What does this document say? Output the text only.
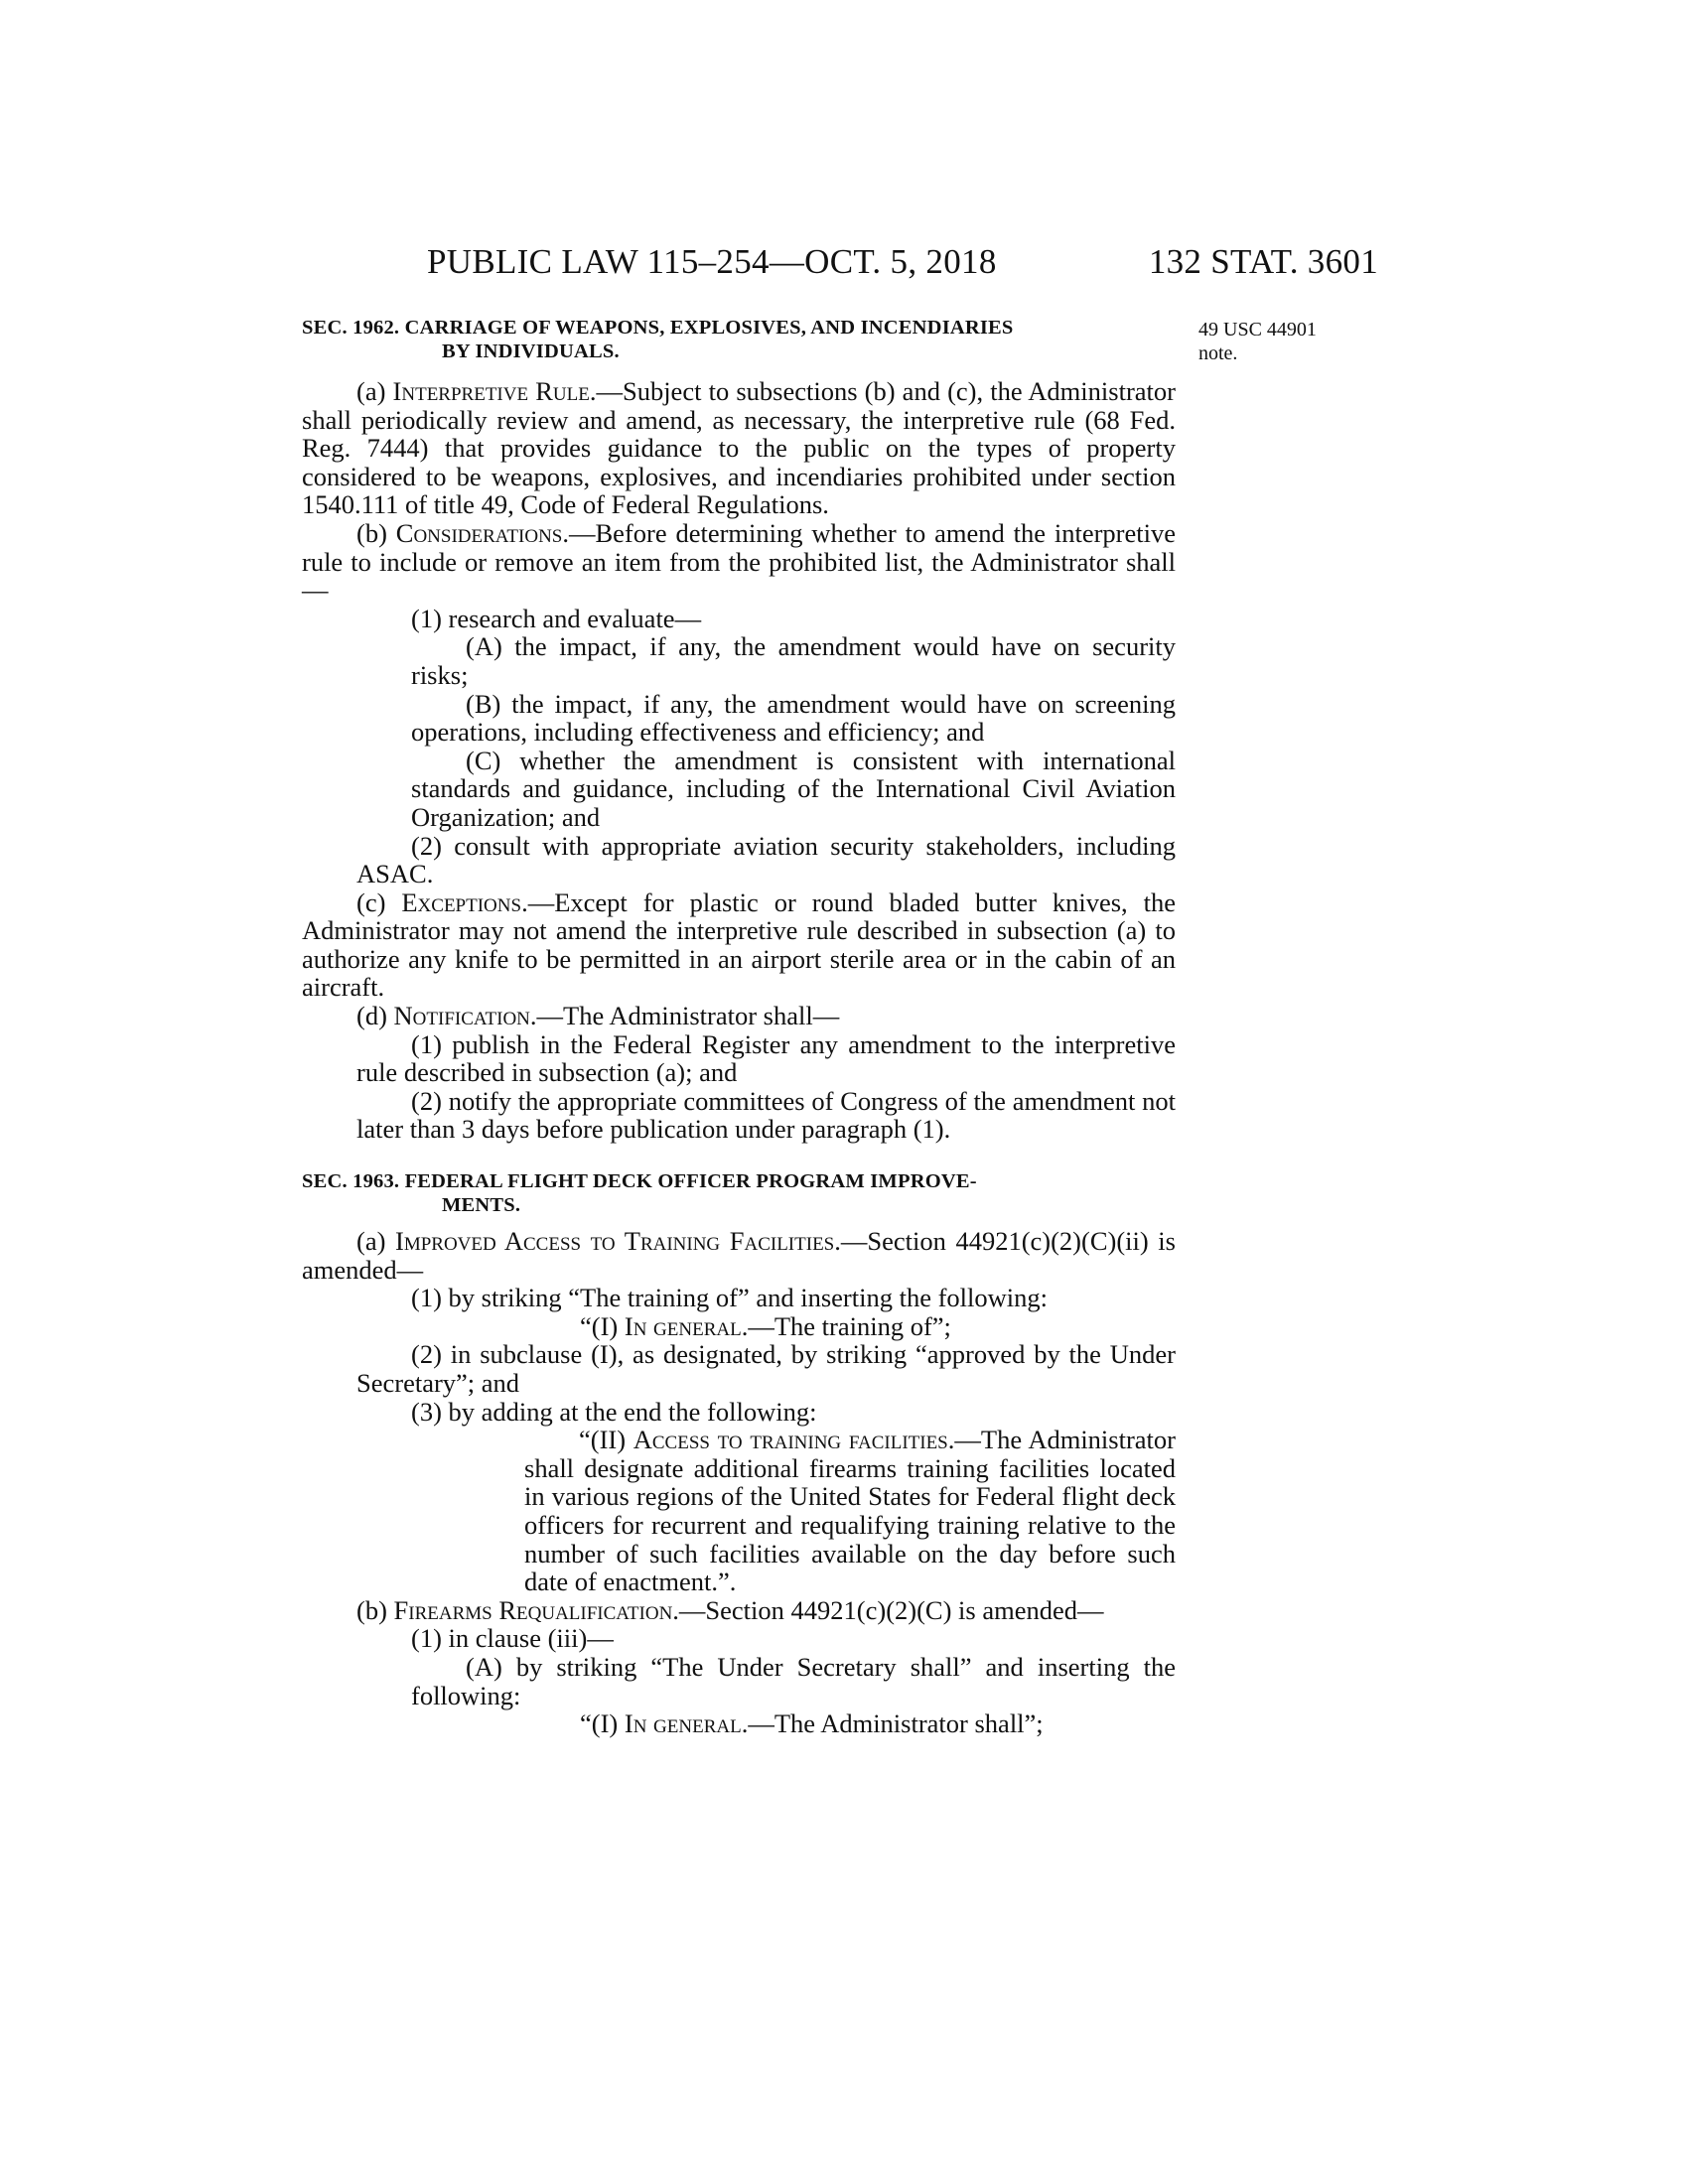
PUBLIC LAW 115–254—OCT. 5, 2018	132 STAT. 3601
49 USC 44901
note.

SEC. 1962. CARRIAGE OF WEAPONS, EXPLOSIVES, AND INCENDIARIES
BY INDIVIDUALS.

(a) Interpretive Rule.—Subject to subsections (b) and (c), the Administrator shall periodically review and amend, as necessary, the interpretive rule (68 Fed. Reg. 7444) that provides guidance to the public on the types of property considered to be weapons, explosives, and incendiaries prohibited under section 1540.111 of title 49, Code of Federal Regulations.

(b) Considerations.—Before determining whether to amend the interpretive rule to include or remove an item from the prohibited list, the Administrator shall—

(1) research and evaluate—

(A) the impact, if any, the amendment would have on security risks;

(B) the impact, if any, the amendment would have on screening operations, including effectiveness and efficiency; and

(C) whether the amendment is consistent with international standards and guidance, including of the International Civil Aviation Organization; and

(2) consult with appropriate aviation security stakeholders, including ASAC.

(c) Exceptions.—Except for plastic or round bladed butter knives, the Administrator may not amend the interpretive rule described in subsection (a) to authorize any knife to be permitted in an airport sterile area or in the cabin of an aircraft.

(d) Notification.—The Administrator shall—

(1) publish in the Federal Register any amendment to the interpretive rule described in subsection (a); and

(2) notify the appropriate committees of Congress of the amendment not later than 3 days before publication under paragraph (1).

SEC. 1963. FEDERAL FLIGHT DECK OFFICER PROGRAM IMPROVE-
MENTS.

(a) Improved Access to Training Facilities.—Section 44921(c)(2)(C)(ii) is amended—

(1) by striking “The training of” and inserting the following:

“(I) In general.—The training of”;

(2) in subclause (I), as designated, by striking “approved by the Under Secretary”; and

(3) by adding at the end the following:

“(II) Access to training facilities.—The Administrator shall designate additional firearms training facilities located in various regions of the United States for Federal flight deck officers for recurrent and requalifying training relative to the number of such facilities available on the day before such date of enactment.”.

(b) Firearms Requalification.—Section 44921(c)(2)(C) is amended—

(1) in clause (iii)—

(A) by striking “The Under Secretary shall” and inserting the following:

“(I) In general.—The Administrator shall”;
